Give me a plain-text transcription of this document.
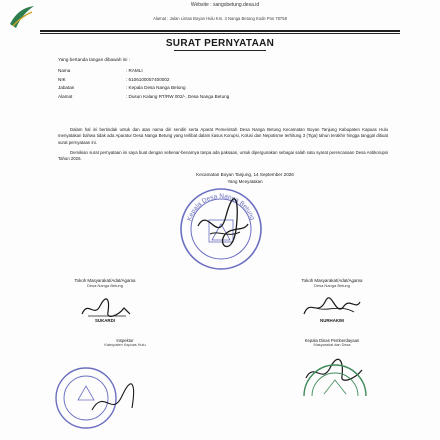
Website : sangsbetung.desa.id
Alamat : Jalan Lintas Boyan Hulu Km. 3 Nanga Betung Kode Pos 78758
SURAT PERNYATAAN
Yang bertanda tangan dibawah ini :
Nama	: RAMLI
NIK	: 6106100057400002
Jabatan	: Kepala Desa Nanga Betung
Alamat	: Dusun Kalang RT/RW 002/-, Desa Nanga Betung

Dalam hal ini bertindak untuk dan atas nama diri sendiri serta Aparat Pemerintah Desa Nanga Betung Kecamatan Boyan Tanjung Kabupaten Kapuas Hulu menyatakan bahwa tidak ada Aparatur Desa Nanga Betung yang terlibat dalam kasus Korupsi, Kolusi dan Nepotisme terhitung 3 (Tiga) tahun terakhir hingga tanggal dibuat surat pernyataan ini.

Demikian surat pernyataan ini saya buat dengan sebenar-benarnya tanpa ada paksaan, untuk dipergunakan sebagai salah satu syarat perencanaan Desa Antikorupsi Tahun 2026.

Kecamatan Boyan Tanjung, 14 September 2026
Yang Menyatakan
Kepala Desa Nanga Betung
Tokoh Masyarakat/Adat/Agama
Desa Nanga Betung
Tokoh Masyarakat/Adat/Agama
Desa Nanga Betung
SUKARDI	NURHAKIM
Inspektur
Kabupaten Kapuas Hulu
Kepala Dinas Pemberdayaan
Masyarakat dan Desa
